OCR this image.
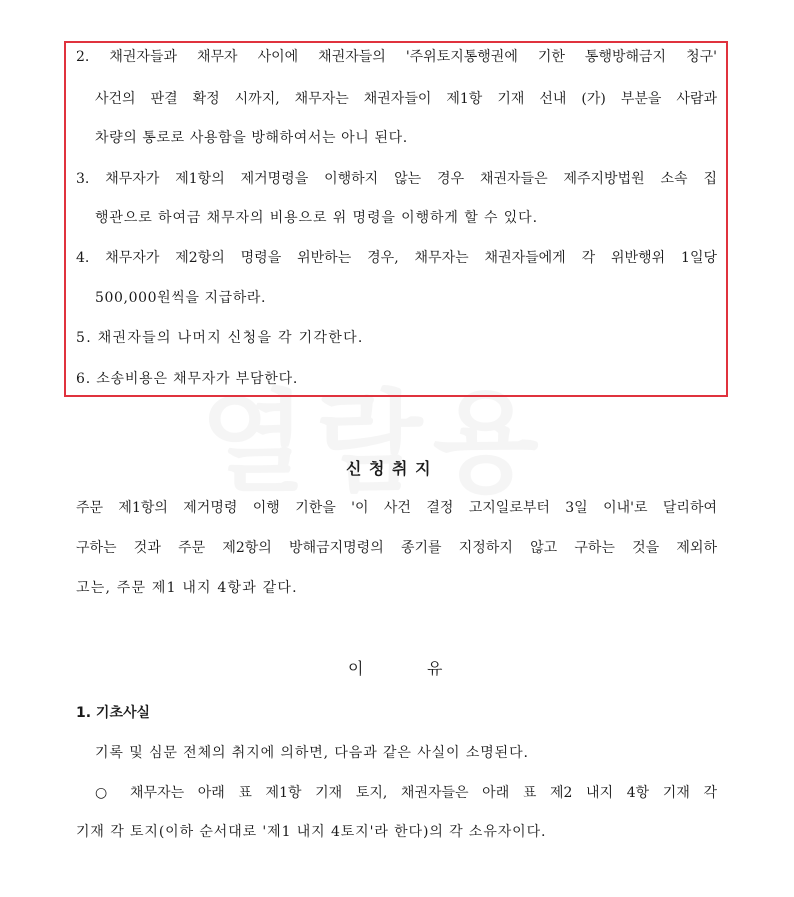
2. 채권자들과 채무자 사이에 채권자들의 '주위토지통행권에 기한 통행방해금지 청구'
사건의 판결 확정 시까지, 채무자는 채권자들이 제1항 기재 선내 (가) 부분을 사람과
차량의 통로로 사용함을 방해하여서는 아니 된다.
3. 채무자가 제1항의 제거명령을 이행하지 않는 경우 채권자들은 제주지방법원 소속 집
행관으로 하여금 채무자의 비용으로 위 명령을 이행하게 할 수 있다.
4. 채무자가 제2항의 명령을 위반하는 경우, 채무자는 채권자들에게 각 위반행위 1일당
500,000원씩을 지급하라.
5. 채권자들의 나머지 신청을 각 기각한다.
6. 소송비용은 채무자가 부담한다.
신 청 취 지
주문 제1항의 제거명령 이행 기한을 '이 사건 결정 고지일로부터 3일 이내'로 달리하여
구하는 것과 주문 제2항의 방해금지명령의 종기를 지정하지 않고 구하는 것을 제외하
고는, 주문 제1 내지 4항과 같다.
이	유
1. 기초사실
기록 및 심문 전체의 취지에 의하면, 다음과 같은 사실이 소명된다.
○ 채무자는 아래 표 제1항 기재 토지, 채권자들은 아래 표 제2 내지 4항 기재 각
기재 각 토지(이하 순서대로 '제1 내지 4토지'라 한다)의 각 소유자이다.
